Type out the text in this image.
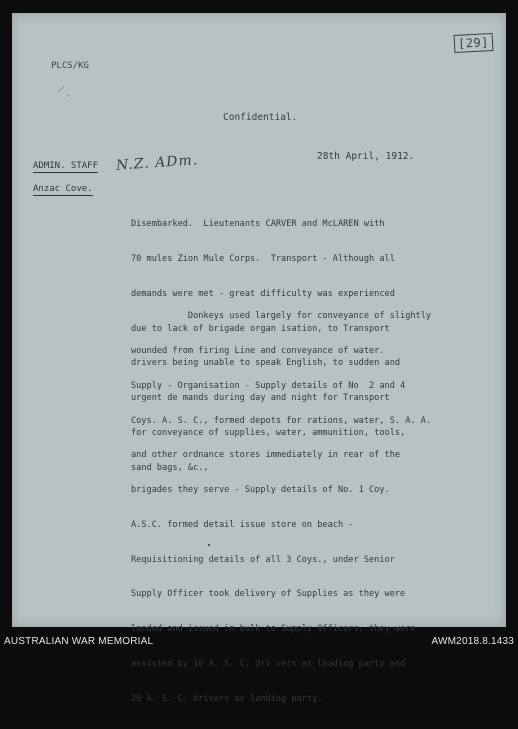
[29]
PLCS/KG
/ ,
Confidential.
ADMIN. STAFF N.Z. ADm.	28th April, 1912.
Anzac Cove.

Disembarked.  Lieutenants CARVER and McLAREN with

70 mules Zion Mule Corps.  Transport - Although all

demands were met - great difficulty was experienced

due to lack of brigade organ isation, to Transport

drivers being unable to speak English, to sudden and

urgent de mands during day and night for Transport

for conveyance of supplies, water, ammunition, tools,

sand bags, &c.,

Donkeys used largely for conveyance of slightly

wounded from firing Line and conveyance of water.

Supply - Organisation - Supply details of No  2 and 4

Coys. A. S. C., formed depots for rations, water, S. A. A.

and other ordnance stores immediately in rear of the

brigades they serve - Supply details of No. 1 Coy.

A.S.C. formed detail issue store on beach -

Requisitioning details of all 3 Coys., under Senior

Supply Officer took delivery of Supplies as they were

landed and issued in bulk to Supply Officers, they were

assisted by 10 A. S. C. dri vers as loading party and

20 A. S. C. drivers as landing party.

AUSTRALIAN WAR MEMORIAL	AWM2018.8.1433
